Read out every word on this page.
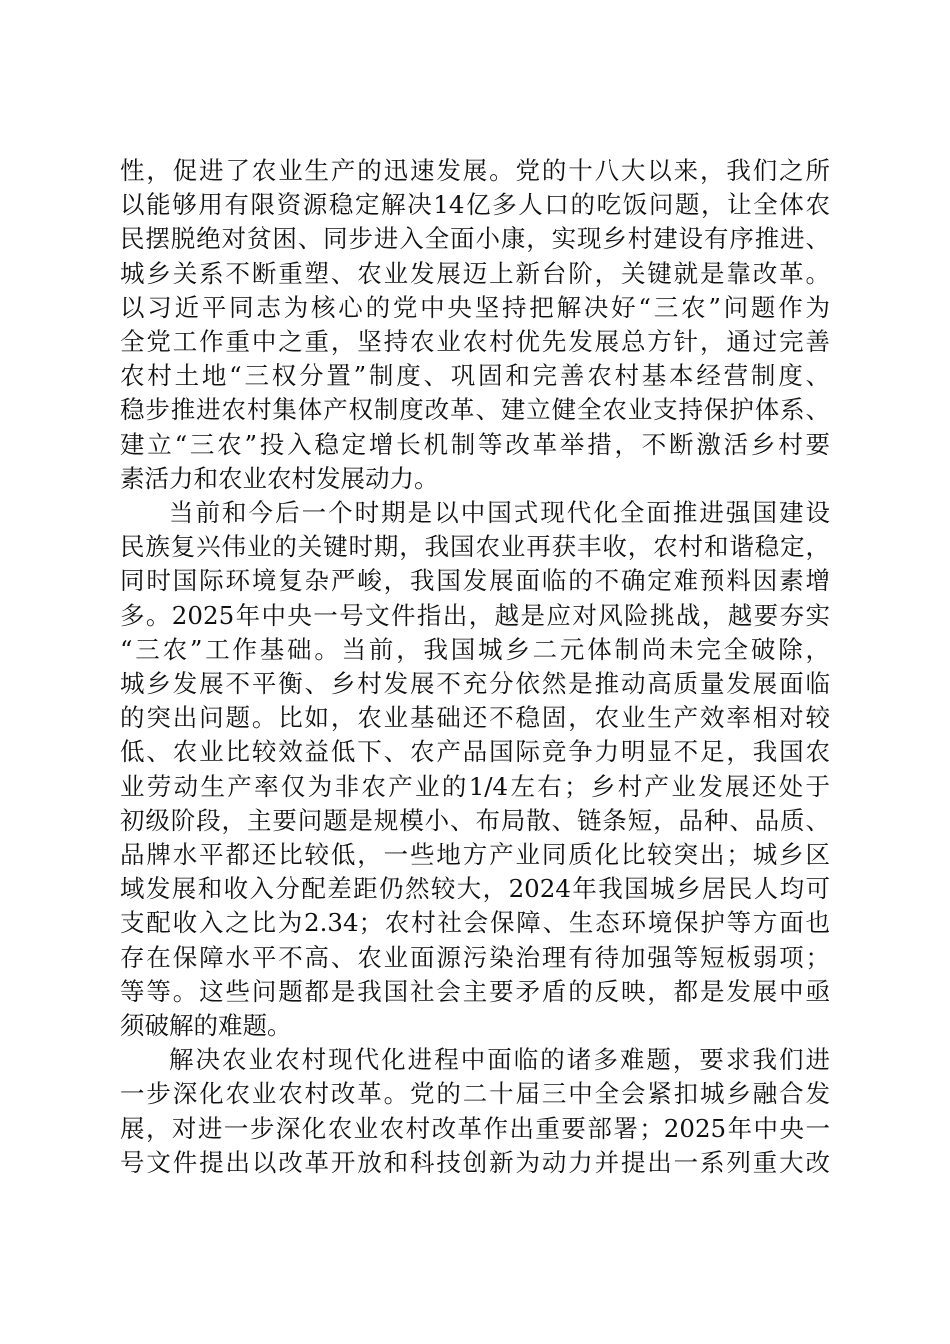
性，促进了农业生产的迅速发展。党的十八大以来，我们之所
以能够用有限资源稳定解决14亿多人口的吃饭问题，让全体农
民摆脱绝对贫困、同步进入全面小康，实现乡村建设有序推进、
城乡关系不断重塑、农业发展迈上新台阶，关键就是靠改革。
以习近平同志为核心的党中央坚持把解决好“三农”问题作为
全党工作重中之重，坚持农业农村优先发展总方针，通过完善
农村土地“三权分置”制度、巩固和完善农村基本经营制度、
稳步推进农村集体产权制度改革、建立健全农业支持保护体系、
建立“三农”投入稳定增长机制等改革举措，不断激活乡村要
素活力和农业农村发展动力。
当前和今后一个时期是以中国式现代化全面推进强国建设
民族复兴伟业的关键时期，我国农业再获丰收，农村和谐稳定，
同时国际环境复杂严峻，我国发展面临的不确定难预料因素增
多。2025年中央一号文件指出，越是应对风险挑战，越要夯实
“三农”工作基础。当前，我国城乡二元体制尚未完全破除，
城乡发展不平衡、乡村发展不充分依然是推动高质量发展面临
的突出问题。比如，农业基础还不稳固，农业生产效率相对较
低、农业比较效益低下、农产品国际竞争力明显不足，我国农
业劳动生产率仅为非农产业的1/4左右；乡村产业发展还处于
初级阶段，主要问题是规模小、布局散、链条短，品种、品质、
品牌水平都还比较低，一些地方产业同质化比较突出；城乡区
域发展和收入分配差距仍然较大，2024年我国城乡居民人均可
支配收入之比为2.34；农村社会保障、生态环境保护等方面也
存在保障水平不高、农业面源污染治理有待加强等短板弱项；
等等。这些问题都是我国社会主要矛盾的反映，都是发展中亟
须破解的难题。
解决农业农村现代化进程中面临的诸多难题，要求我们进
一步深化农业农村改革。党的二十届三中全会紧扣城乡融合发
展，对进一步深化农业农村改革作出重要部署；2025年中央一
号文件提出以改革开放和科技创新为动力并提出一系列重大改
